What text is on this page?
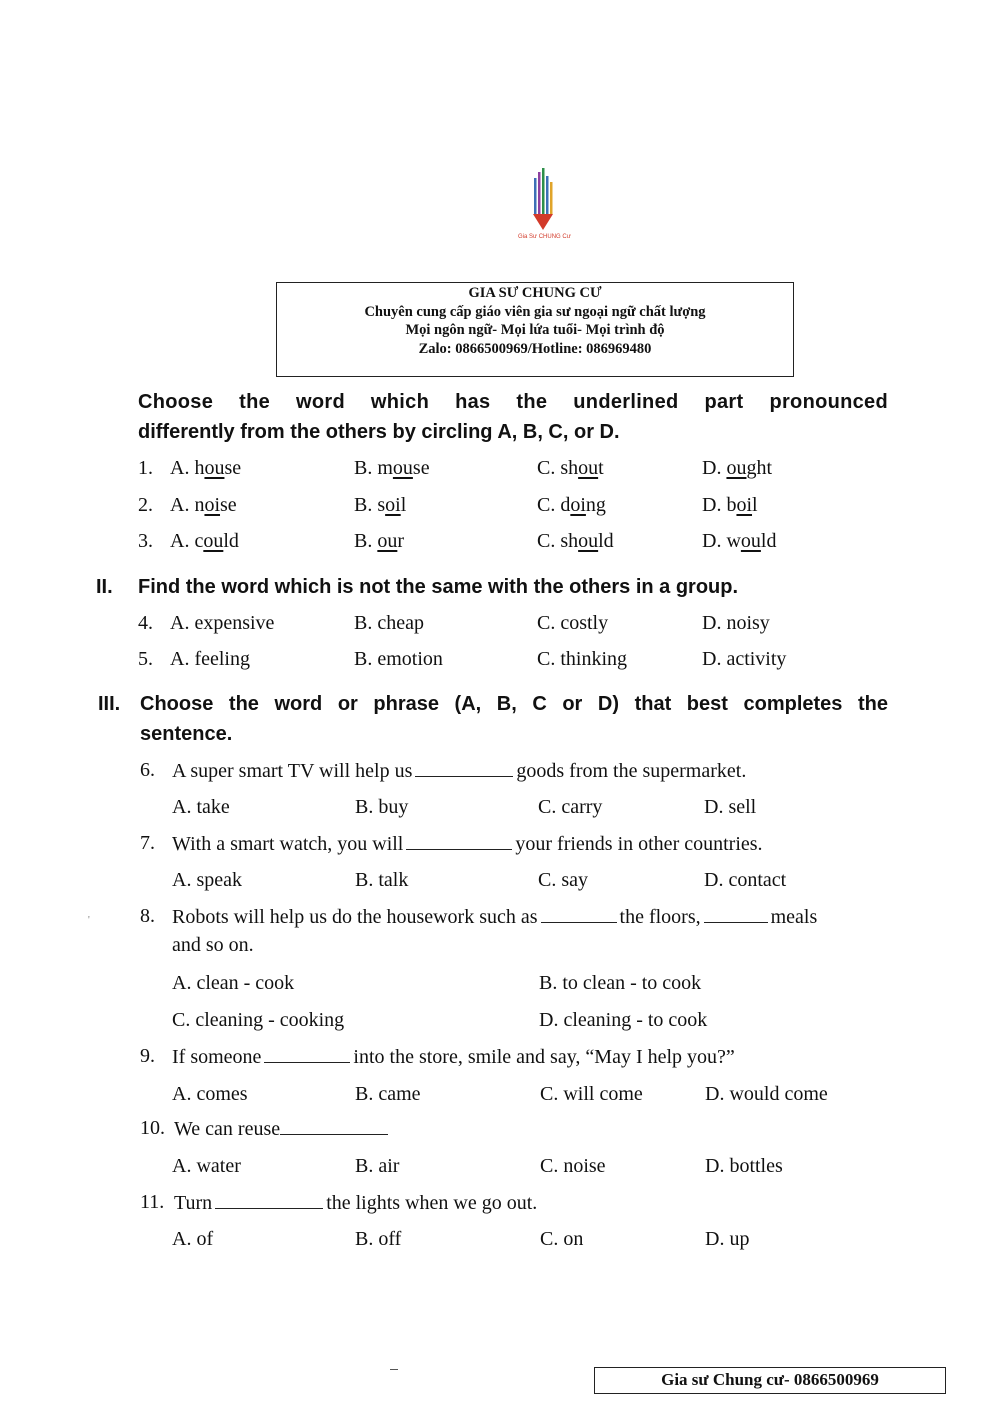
Gia Sư CHUNG Cư
GIA SƯ CHUNG CƯ
Chuyên cung cấp giáo viên gia sư ngoại ngữ chất lượng
Mọi ngôn ngữ- Mọi lứa tuổi- Mọi trình độ
Zalo: 0866500969/Hotline: 086969480
Choose the word which has the underlined part pronounced
differently from the others by circling A, B, C, or D.
1. A. house	B. mouse	C. shout	D. ought
2. A. noise	B. soil	C. doing	D. boil
3. A. could	B. our	C. should	D. would
II. Find the word which is not the same with the others in a group.
4. A. expensive	B. cheap	C. costly	D. noisy
5. A. feeling	B. emotion	C. thinking	D. activity
III. Choose the word or phrase (A, B, C or D) that best completes the
sentence.
6. A super smart TV will help us	goods from the supermarket.
A. take	B. buy	C. carry	D. sell
7. With a smart watch, you will	your friends in other countries.
A. speak	B. talk	C. say	D. contact
'	8. Robots will help us do the housework such as	the floors,	meals
and so on.
A. clean - cook	B. to clean - to cook
C. cleaning - cooking	D. cleaning - to cook
9. If someone	into the store, smile and say, “May I help you?”
A. comes	B. came	C. will come	D. would come
10. We can reuse
A. water	B. air	C. noise	D. bottles
11. Turn	the lights when we go out.
A. of	B. off	C. on	D. up
Gia sư Chung cư- 0866500969
